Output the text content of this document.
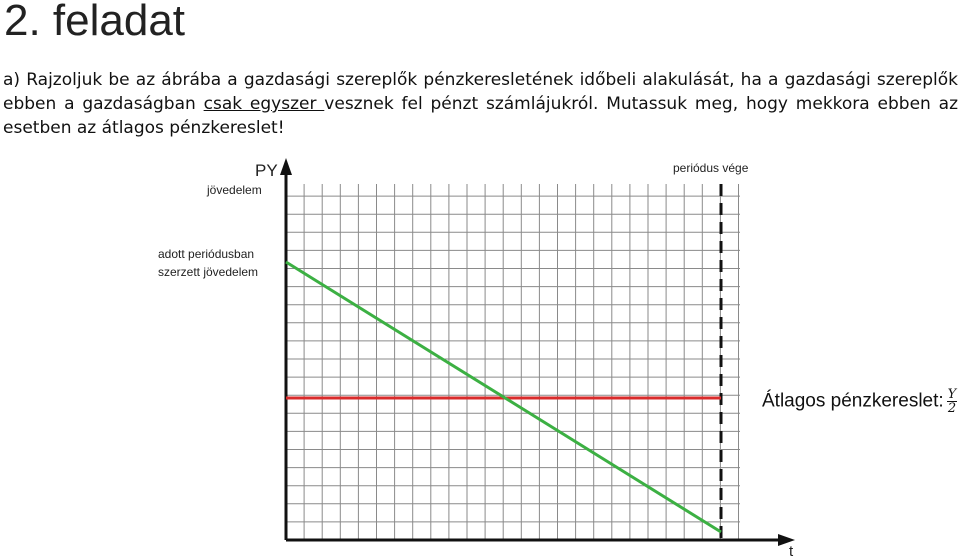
2. feladat

a) Rajzoljuk be az ábrába a gazdasági szereplők pénzkeresletének időbeli alakulását, ha a gazdasági szereplők ebben a gazdaságban csak egyszer vesznek fel pénzt számlájukról. Mutassuk meg, hogy mekkora ebben az esetben az átlagos pénzkereslet!

PY
jövedelem
adott periódusban
szerzett jövedelem
periódus vége
t
Átlagos pénzkereslet: $\frac{Y}{2}$
